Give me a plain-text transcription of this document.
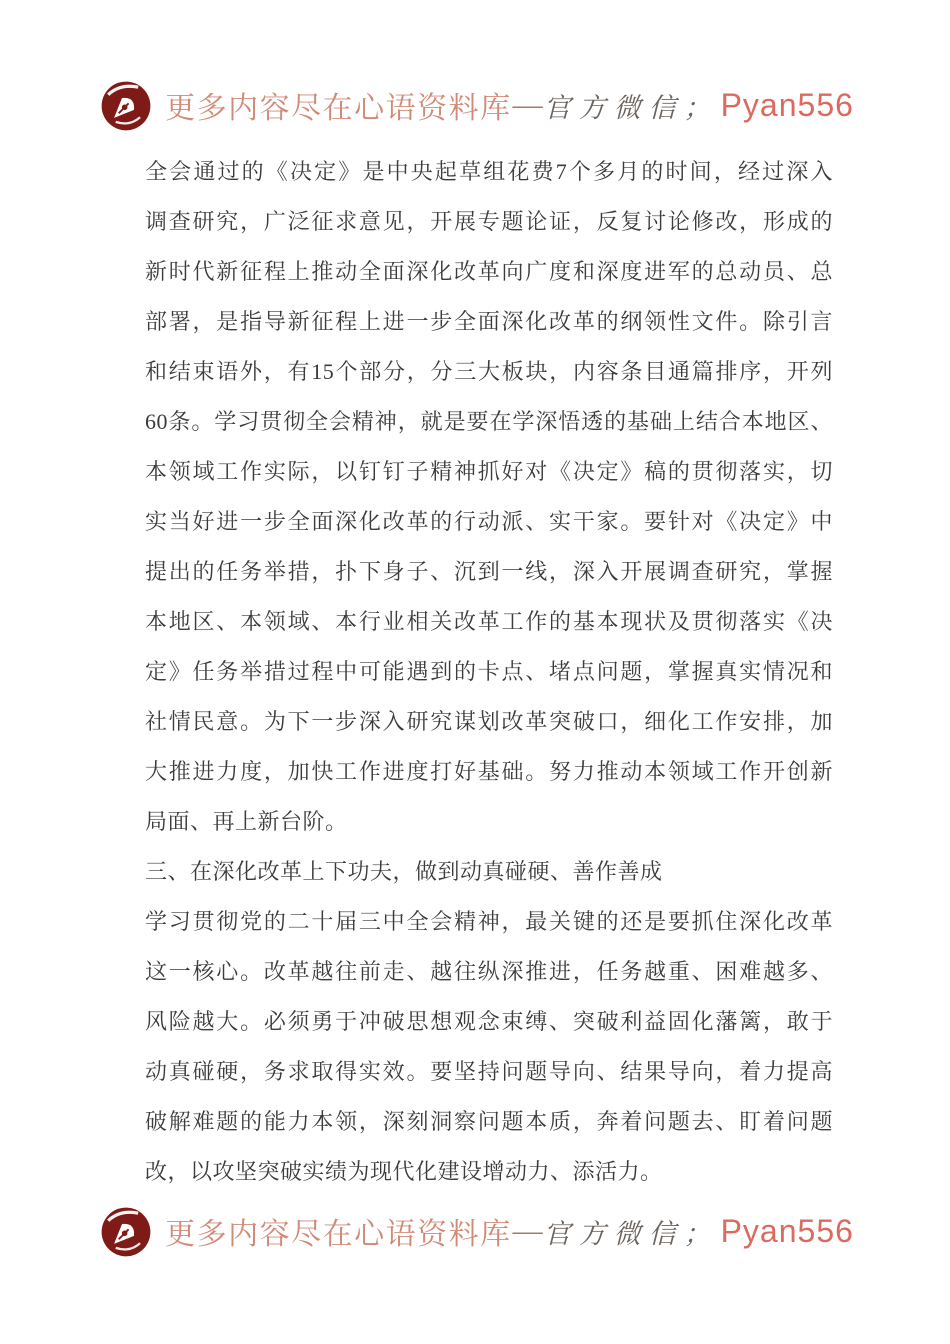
更多内容尽在心语资料库 — 官方微信； Pyan556
全会通过的《决定》是中央起草组花费7个多月的时间，经过深入
调查研究，广泛征求意见，开展专题论证，反复讨论修改，形成的
新时代新征程上推动全面深化改革向广度和深度进军的总动员、总
部署，是指导新征程上进一步全面深化改革的纲领性文件。除引言
和结束语外，有15个部分，分三大板块，内容条目通篇排序，开列
60条。学习贯彻全会精神，就是要在学深悟透的基础上结合本地区、
本领域工作实际，以钉钉子精神抓好对《决定》稿的贯彻落实，切
实当好进一步全面深化改革的行动派、实干家。要针对《决定》中
提出的任务举措，扑下身子、沉到一线，深入开展调查研究，掌握
本地区、本领域、本行业相关改革工作的基本现状及贯彻落实《决
定》任务举措过程中可能遇到的卡点、堵点问题，掌握真实情况和
社情民意。为下一步深入研究谋划改革突破口，细化工作安排，加
大推进力度，加快工作进度打好基础。努力推动本领域工作开创新
局面、再上新台阶。
三、在深化改革上下功夫，做到动真碰硬、善作善成
学习贯彻党的二十届三中全会精神，最关键的还是要抓住深化改革
这一核心。改革越往前走、越往纵深推进，任务越重、困难越多、
风险越大。必须勇于冲破思想观念束缚、突破利益固化藩篱，敢于
动真碰硬，务求取得实效。要坚持问题导向、结果导向，着力提高
破解难题的能力本领，深刻洞察问题本质，奔着问题去、盯着问题
改，以攻坚突破实绩为现代化建设增动力、添活力。
更多内容尽在心语资料库 — 官方微信； Pyan556
